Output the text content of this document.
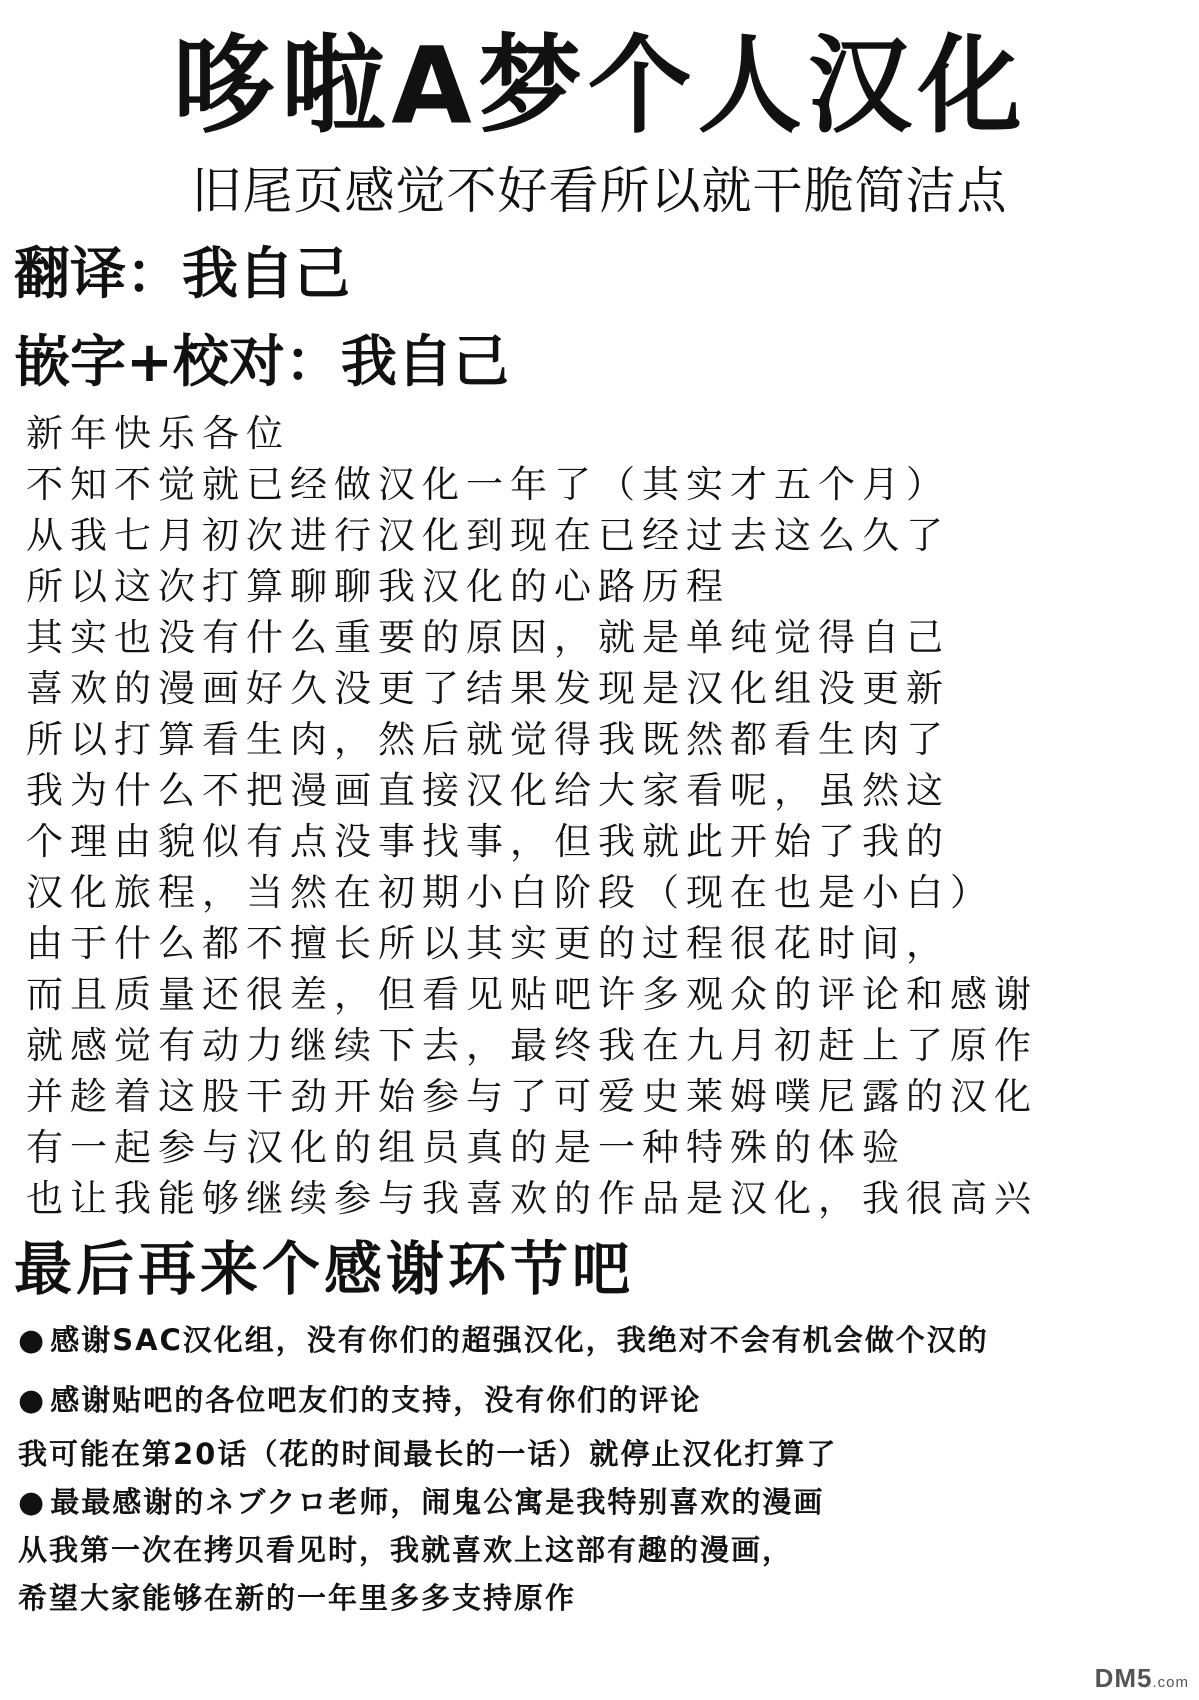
哆啦A梦个人汉化
旧尾页感觉不好看所以就干脆简洁点
翻译：我自己
嵌字+校对：我自己
新年快乐各位
不知不觉就已经做汉化一年了（其实才五个月）
从我七月初次进行汉化到现在已经过去这么久了
所以这次打算聊聊我汉化的心路历程
其实也没有什么重要的原因，就是单纯觉得自己
喜欢的漫画好久没更了结果发现是汉化组没更新
所以打算看生肉，然后就觉得我既然都看生肉了
我为什么不把漫画直接汉化给大家看呢，虽然这
个理由貌似有点没事找事，但我就此开始了我的
汉化旅程，当然在初期小白阶段（现在也是小白）
由于什么都不擅长所以其实更的过程很花时间，
而且质量还很差，但看见贴吧许多观众的评论和感谢
就感觉有动力继续下去，最终我在九月初赶上了原作
并趁着这股干劲开始参与了可爱史莱姆噗尼露的汉化
有一起参与汉化的组员真的是一种特殊的体验
也让我能够继续参与我喜欢的作品是汉化，我很高兴
最后再来个感谢环节吧
● 感谢SAC汉化组，没有你们的超强汉化，我绝对不会有机会做个汉的
● 感谢贴吧的各位吧友们的支持，没有你们的评论
我可能在第20话（花的时间最长的一话）就停止汉化打算了
● 最最感谢的ネブクロ老师，闹鬼公寓是我特别喜欢的漫画
从我第一次在拷贝看见时，我就喜欢上这部有趣的漫画，
希望大家能够在新的一年里多多支持原作
DM5.com
